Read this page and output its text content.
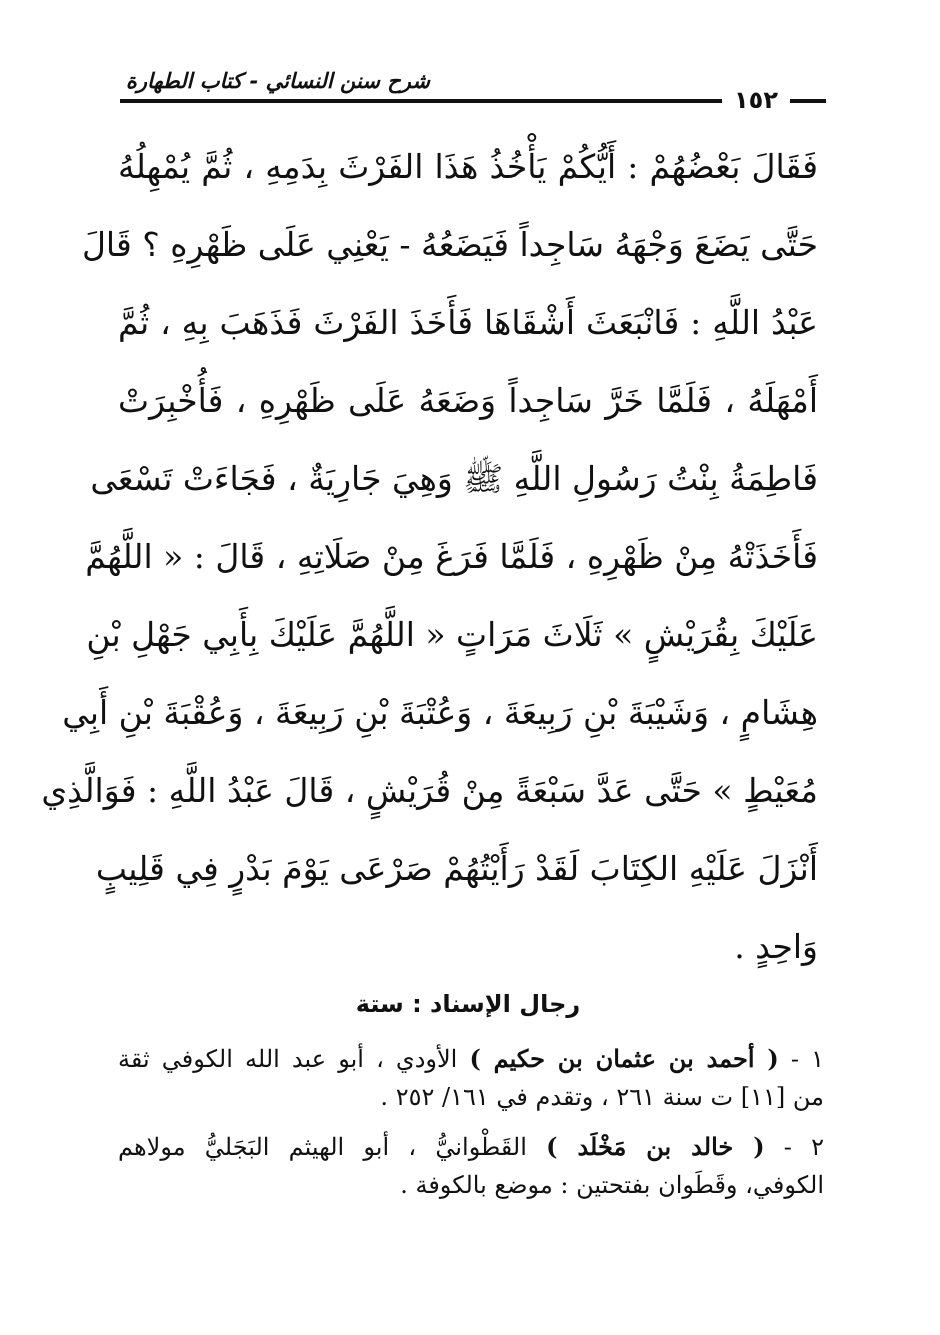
شرح سنن النسائي - كتاب الطهارة
١٥٢
فَقَالَ بَعْضُهُمْ : أَيُّكُمْ يَأْخُذُ هَذَا الفَرْثَ بِدَمِهِ ، ثُمَّ يُمْهِلُهُ
حَتَّى يَضَعَ وَجْهَهُ سَاجِداً فَيَضَعُهُ - يَعْنِي عَلَى ظَهْرِهِ ؟ قَالَ
عَبْدُ اللَّهِ : فَانْبَعَثَ أَشْقَاهَا فَأَخَذَ الفَرْثَ فَذَهَبَ بِهِ ، ثُمَّ
أَمْهَلَهُ ، فَلَمَّا خَرَّ سَاجِداً وَضَعَهُ عَلَى ظَهْرِهِ ، فَأُخْبِرَتْ
فَاطِمَةُ بِنْتُ رَسُولِ اللَّهِ ﷺ وَهِيَ جَارِيَةٌ ، فَجَاءَتْ تَسْعَى
فَأَخَذَتْهُ مِنْ ظَهْرِهِ ، فَلَمَّا فَرَغَ مِنْ صَلَاتِهِ ، قَالَ : « اللَّهُمَّ
عَلَيْكَ بِقُرَيْشٍ » ثَلَاثَ مَرَاتٍ « اللَّهُمَّ عَلَيْكَ بِأَبِي جَهْلِ بْنِ
هِشَامٍ ، وَشَيْبَةَ بْنِ رَبِيعَةَ ، وَعُتْبَةَ بْنِ رَبِيعَةَ ، وَعُقْبَةَ بْنِ أَبِي
مُعَيْطٍ » حَتَّى عَدَّ سَبْعَةً مِنْ قُرَيْشٍ ، قَالَ عَبْدُ اللَّهِ : فَوَالَّذِي
أَنْزَلَ عَلَيْهِ الكِتَابَ لَقَدْ رَأَيْتُهُمْ صَرْعَى يَوْمَ بَدْرٍ فِي قَلِيبٍ
وَاحِدٍ .
رجال الإسناد : ستة
١ - ( أحمد بن عثمان بن حكيم ) الأودي ، أبو عبد الله الكوفي ثقة
من [١١] ت سنة ٢٦١ ، وتقدم في ١٦١/ ٢٥٢ .
٢ - ( خالد بن مَخْلَد ) القَطْوانيُّ ، أبو الهيثم البَجَليُّ مولاهم
الكوفي، وقَطَوان بفتحتين : موضع بالكوفة .
